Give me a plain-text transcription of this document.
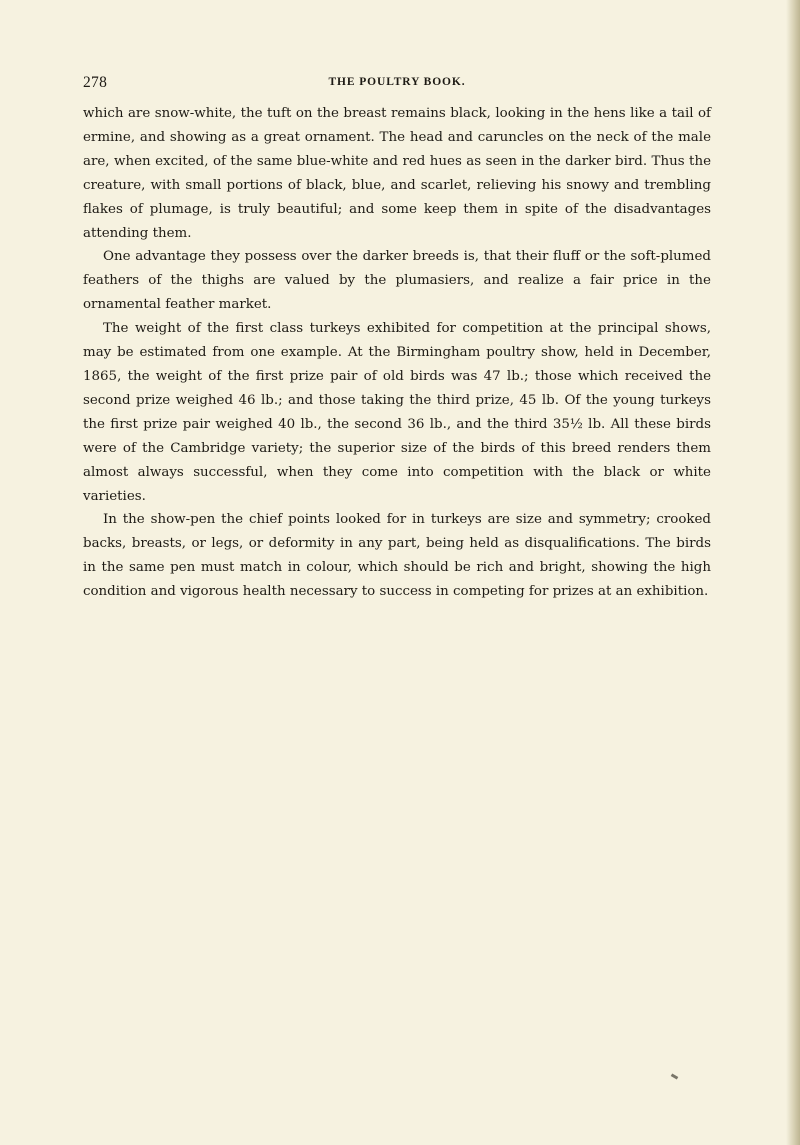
278	THE POULTRY BOOK.

which are snow-white, the tuft on the breast remains black, looking in the hens like a tail of ermine, and showing as a great ornament. The head and caruncles on the neck of the male are, when excited, of the same blue-white and red hues as seen in the darker bird. Thus the creature, with small portions of black, blue, and scarlet, relieving his snowy and trembling flakes of plumage, is truly beautiful; and some keep them in spite of the disadvantages attending them.

One advantage they possess over the darker breeds is, that their fluff or the soft-plumed feathers of the thighs are valued by the plumasiers, and realize a fair price in the ornamental feather market.

The weight of the first class turkeys exhibited for competition at the principal shows, may be estimated from one example. At the Birmingham poultry show, held in December, 1865, the weight of the first prize pair of old birds was 47 lb.; those which received the second prize weighed 46 lb.; and those taking the third prize, 45 lb. Of the young turkeys the first prize pair weighed 40 lb., the second 36 lb., and the third 35½ lb. All these birds were of the Cambridge variety; the superior size of the birds of this breed renders them almost always successful, when they come into competition with the black or white varieties.

In the show-pen the chief points looked for in turkeys are size and symmetry; crooked backs, breasts, or legs, or deformity in any part, being held as disqualifications. The birds in the same pen must match in colour, which should be rich and bright, showing the high condition and vigorous health necessary to success in competing for prizes at an exhibition.
